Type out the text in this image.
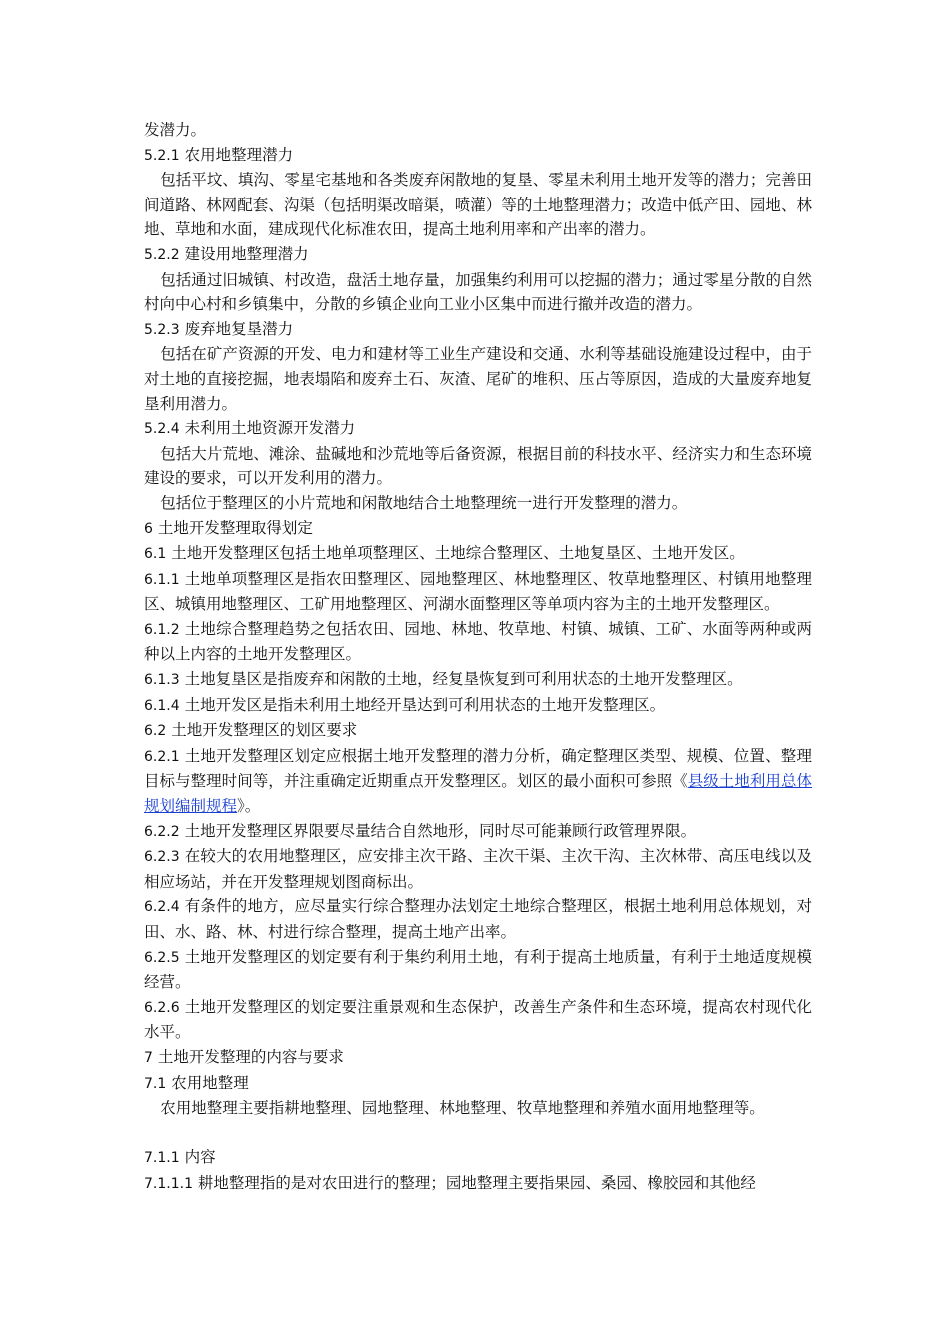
发潜力。

5.2.1 农用地整理潜力

包括平坟、填沟、零星宅基地和各类废弃闲散地的复垦、零星未利用土地开发等的潜力；完善田间道路、林网配套、沟渠（包括明渠改暗渠，喷灌）等的土地整理潜力；改造中低产田、园地、林地、草地和水面，建成现代化标准农田，提高土地利用率和产出率的潜力。

5.2.2 建设用地整理潜力

包括通过旧城镇、村改造，盘活土地存量，加强集约利用可以挖掘的潜力；通过零星分散的自然村向中心村和乡镇集中，分散的乡镇企业向工业小区集中而进行撤并改造的潜力。

5.2.3 废弃地复垦潜力

包括在矿产资源的开发、电力和建材等工业生产建设和交通、水利等基础设施建设过程中，由于对土地的直接挖掘，地表塌陷和废弃土石、灰渣、尾矿的堆积、压占等原因，造成的大量废弃地复垦利用潜力。

5.2.4 未利用土地资源开发潜力

包括大片荒地、滩涂、盐碱地和沙荒地等后备资源，根据目前的科技水平、经济实力和生态环境建设的要求，可以开发利用的潜力。

包括位于整理区的小片荒地和闲散地结合土地整理统一进行开发整理的潜力。

6 土地开发整理取得划定

6.1 土地开发整理区包括土地单项整理区、土地综合整理区、土地复垦区、土地开发区。

6.1.1 土地单项整理区是指农田整理区、园地整理区、林地整理区、牧草地整理区、村镇用地整理区、城镇用地整理区、工矿用地整理区、河湖水面整理区等单项内容为主的土地开发整理区。

6.1.2 土地综合整理趋势之包括农田、园地、林地、牧草地、村镇、城镇、工矿、水面等两种或两种以上内容的土地开发整理区。

6.1.3 土地复垦区是指废弃和闲散的土地，经复垦恢复到可利用状态的土地开发整理区。

6.1.4 土地开发区是指未利用土地经开垦达到可利用状态的土地开发整理区。

6.2 土地开发整理区的划区要求

6.2.1 土地开发整理区划定应根据土地开发整理的潜力分析，确定整理区类型、规模、位置、整理目标与整理时间等，并注重确定近期重点开发整理区。划区的最小面积可参照《县级土地利用总体规划编制规程》。

6.2.2 土地开发整理区界限要尽量结合自然地形，同时尽可能兼顾行政管理界限。

6.2.3 在较大的农用地整理区，应安排主次干路、主次干渠、主次干沟、主次林带、高压电线以及相应场站，并在开发整理规划图商标出。

6.2.4 有条件的地方，应尽量实行综合整理办法划定土地综合整理区，根据土地利用总体规划，对田、水、路、林、村进行综合整理，提高土地产出率。

6.2.5 土地开发整理区的划定要有利于集约利用土地，有利于提高土地质量，有利于土地适度规模经营。

6.2.6 土地开发整理区的划定要注重景观和生态保护，改善生产条件和生态环境，提高农村现代化水平。

7 土地开发整理的内容与要求

7.1 农用地整理

农用地整理主要指耕地整理、园地整理、林地整理、牧草地整理和养殖水面用地整理等。

7.1.1 内容

7.1.1.1 耕地整理指的是对农田进行的整理；园地整理主要指果园、桑园、橡胶园和其他经
